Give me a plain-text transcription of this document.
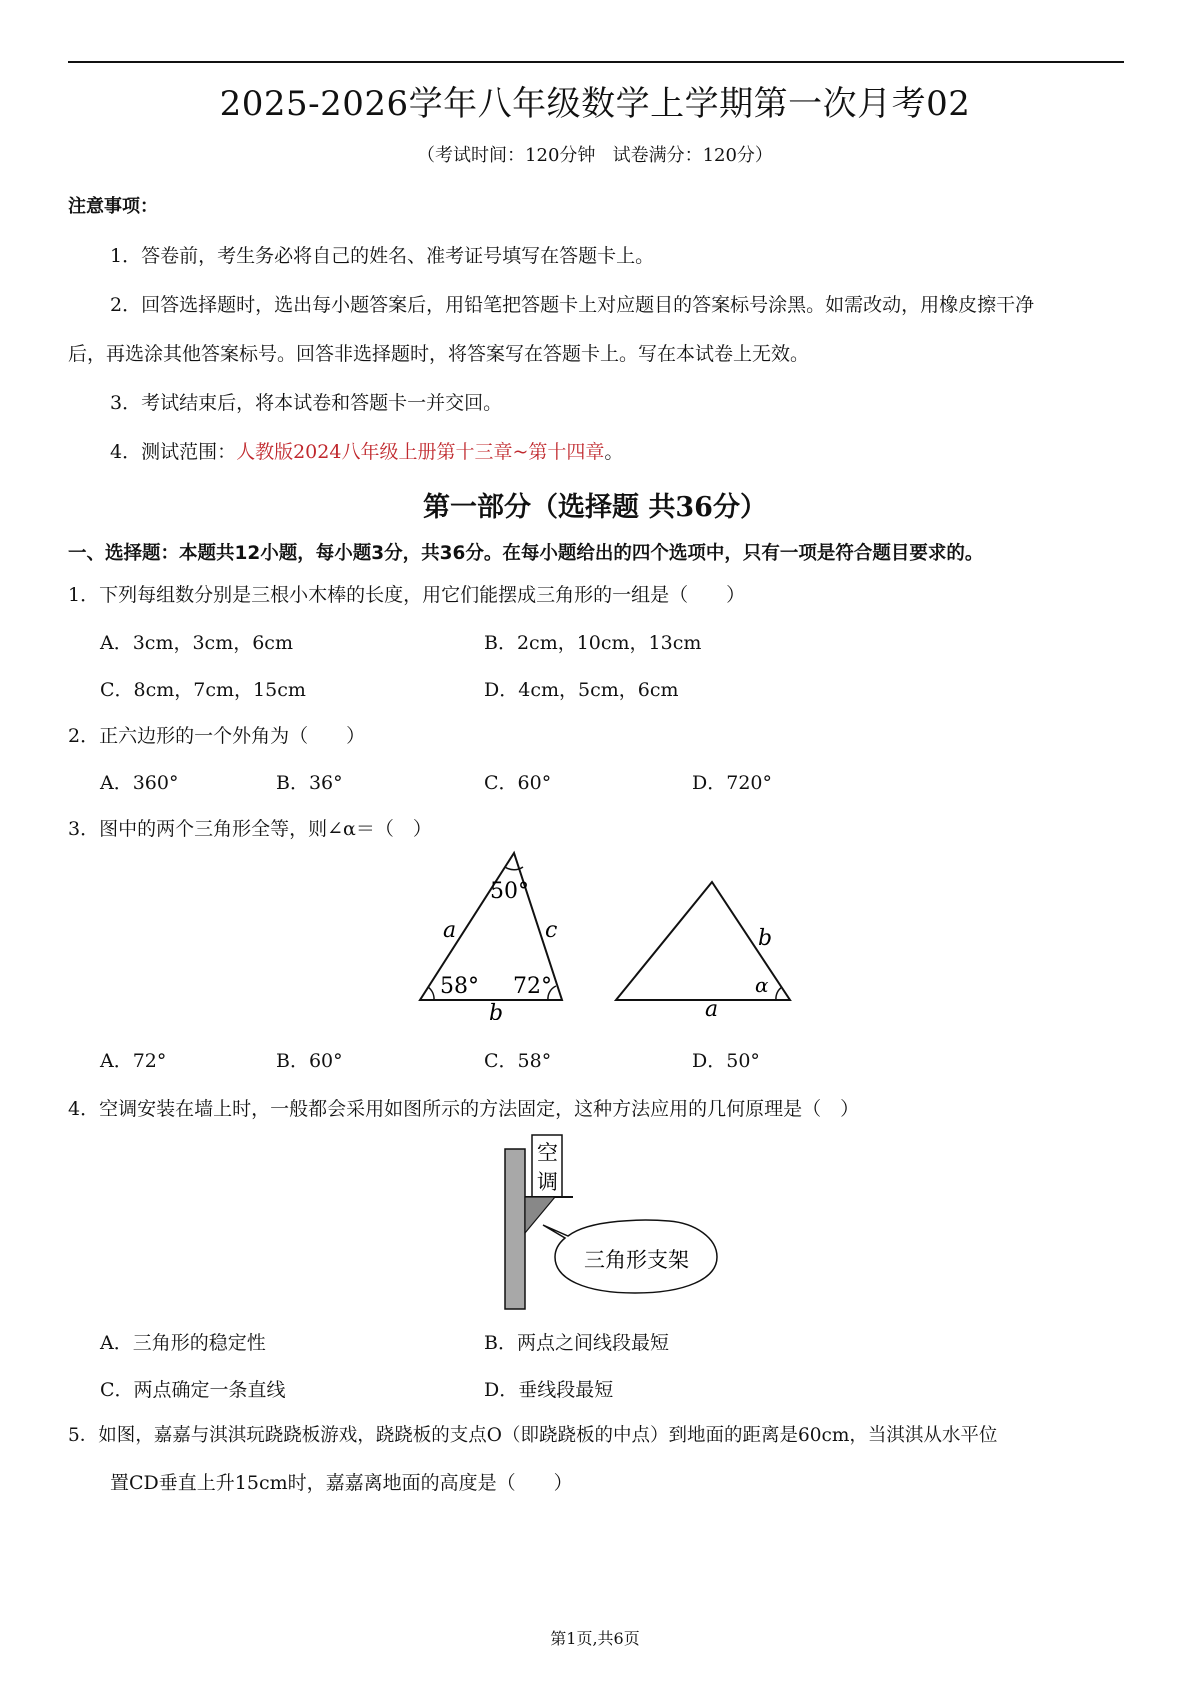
2025-2026学年八年级数学上学期第一次月考02
（考试时间：120分钟 试卷满分：120分）
注意事项：
1．答卷前，考生务必将自己的姓名、准考证号填写在答题卡上。
2．回答选择题时，选出每小题答案后，用铅笔把答题卡上对应题目的答案标号涂黑。如需改动，用橡皮擦干净
后，再选涂其他答案标号。回答非选择题时，将答案写在答题卡上。写在本试卷上无效。
3．考试结束后，将本试卷和答题卡一并交回。
4．测试范围：人教版2024八年级上册第十三章~第十四章。
第一部分（选择题 共36分）
一、选择题：本题共12小题，每小题3分，共36分。在每小题给出的四个选项中，只有一项是符合题目要求的。
1．下列每组数分别是三根小木棒的长度，用它们能摆成三角形的一组是（　　）
A．3cm，3cm，6cm	B．2cm，10cm，13cm
C．8cm，7cm，15cm	D．4cm，5cm，6cm
2．正六边形的一个外角为（　　）
A．360°	B．36°	C．60°	D．720°
3．图中的两个三角形全等，则∠α＝（　）
50°
58° 72°
a	c
b
b
α
a
A．72°	B．60°	C．58°	D．50°
4．空调安装在墙上时，一般都会采用如图所示的方法固定，这种方法应用的几何原理是（　）
空
调
三角形支架
A．三角形的稳定性	B．两点之间线段最短
C．两点确定一条直线	D．垂线段最短
5．如图，嘉嘉与淇淇玩跷跷板游戏，跷跷板的支点O（即跷跷板的中点）到地面的距离是60cm，当淇淇从水平位
置CD垂直上升15cm时，嘉嘉离地面的高度是（　　）
第1页,共6页
